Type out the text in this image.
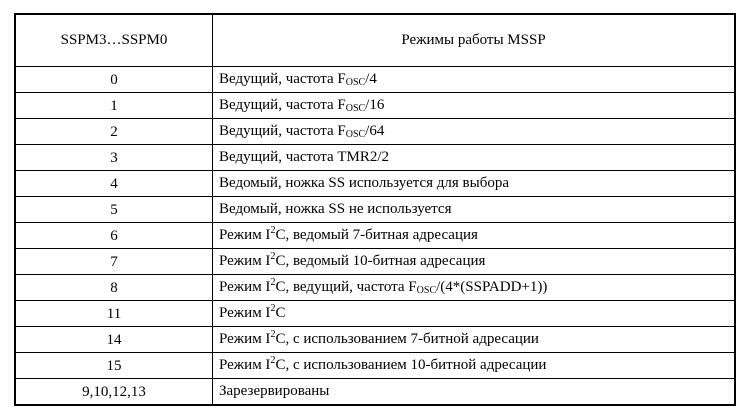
SSPM3…SSPM0	Режимы работы MSSP
0	Ведущий, частота $F_{OSC}/4$
1	Ведущий, частота $F_{OSC}/16$
2	Ведущий, частота $F_{OSC}/64$
3	Ведущий, частота TMR2/2
4	Ведомый, ножка SS используется для выбора
5	Ведомый, ножка SS не используется
6	Режим $I^2C$, ведомый 7-битная адресация
7	Режим $I^2C$, ведомый 10-битная адресация
8	Режим $I^2C$, ведущий, частота $F_{OSC}/(4*(SSPADD+1))$
11	Режим $I^2C$
14	Режим $I^2C$, с использованием 7-битной адресации
15	Режим $I^2C$, с использованием 10-битной адресации
9,10,12,13	Зарезервированы
